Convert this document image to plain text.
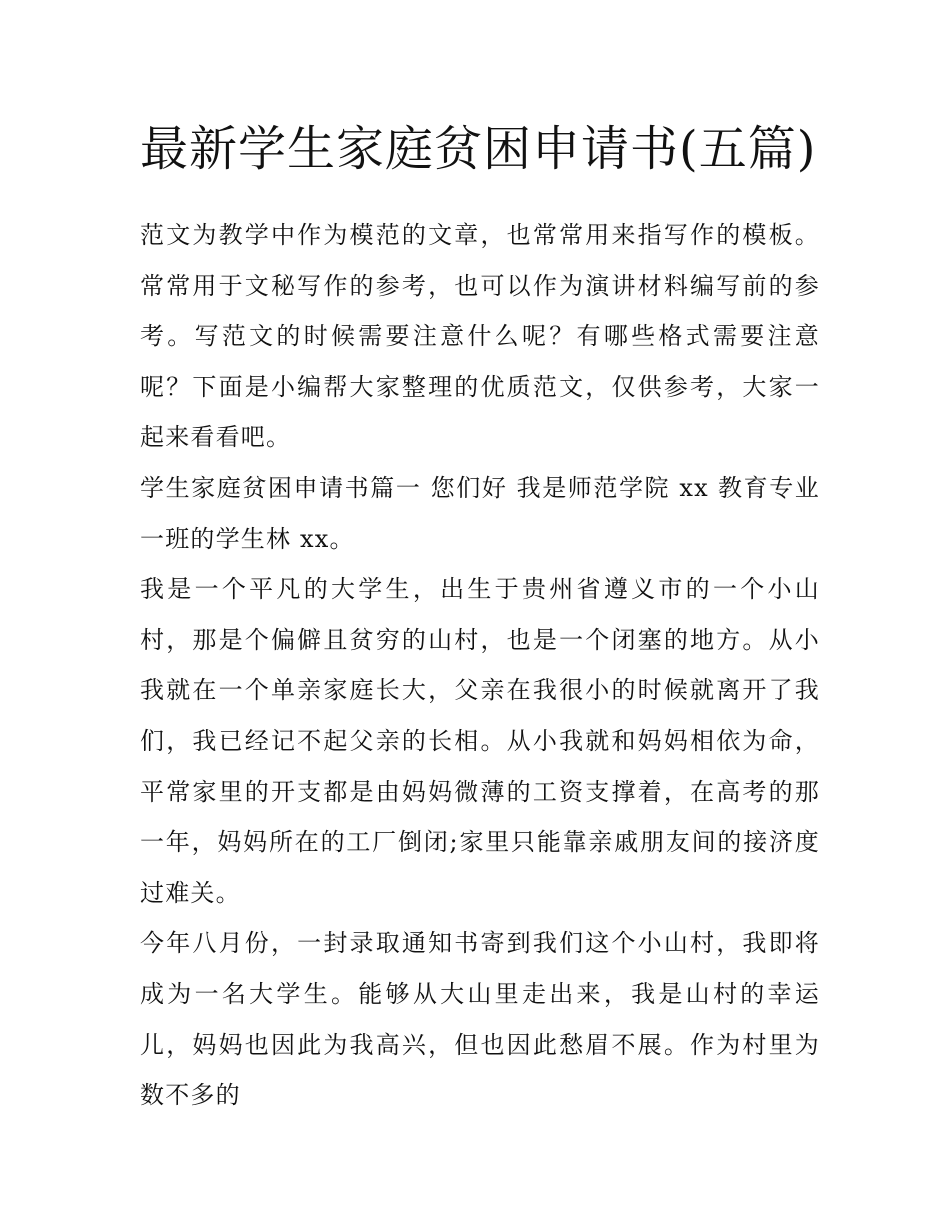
最新学生家庭贫困申请书(五篇)

范文为教学中作为模范的文章，也常常用来指写作的模板。常常用于文秘写作的参考，也可以作为演讲材料编写前的参考。写范文的时候需要注意什么呢？有哪些格式需要注意呢？下面是小编帮大家整理的优质范文，仅供参考，大家一起来看看吧。

学生家庭贫困申请书篇一 您们好 我是师范学院 xx 教育专业一班的学生林 xx。

我是一个平凡的大学生，出生于贵州省遵义市的一个小山村，那是个偏僻且贫穷的山村，也是一个闭塞的地方。从小我就在一个单亲家庭长大，父亲在我很小的时候就离开了我们，我已经记不起父亲的长相。从小我就和妈妈相依为命，平常家里的开支都是由妈妈微薄的工资支撑着，在高考的那一年，妈妈所在的工厂倒闭;家里只能靠亲戚朋友间的接济度过难关。

今年八月份，一封录取通知书寄到我们这个小山村，我即将成为一名大学生。能够从大山里走出来，我是山村的幸运儿，妈妈也因此为我高兴，但也因此愁眉不展。作为村里为数不多的
